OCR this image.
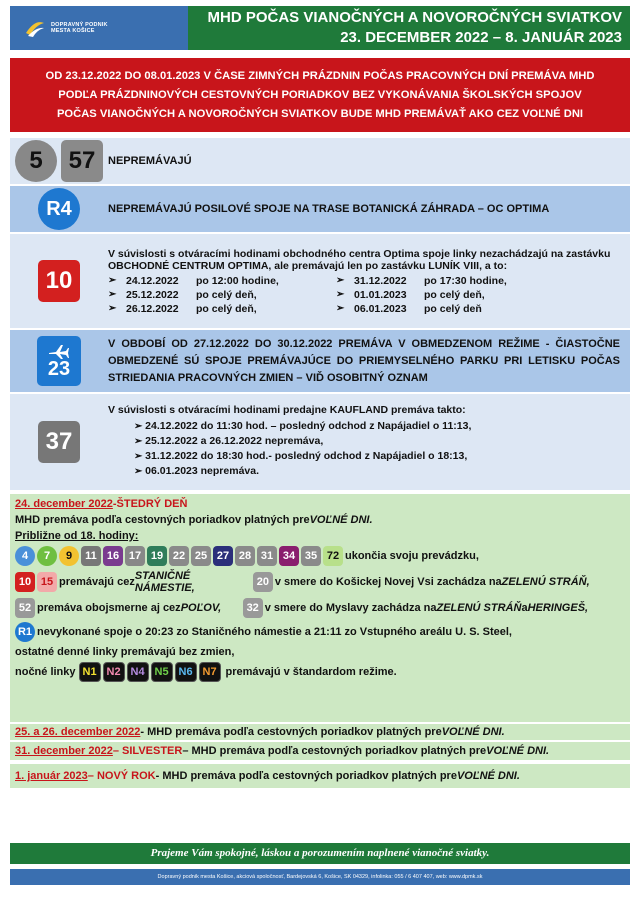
DOPRAVNÝ PODNIK
MESTA KOŠICE
MHD POČAS VIANOČNÝCH A NOVOROČNÝCH SVIATKOV
23. DECEMBER 2022 – 8. JANUÁR 2023
OD 23.12.2022 DO 08.01.2023 V ČASE ZIMNÝCH PRÁZDNIN POČAS PRACOVNÝCH DNÍ PREMÁVA MHD
PODĽA PRÁZDNINOVÝCH CESTOVNÝCH PORIADKOV BEZ VYKONÁVANIA ŠKOLSKÝCH SPOJOV
POČAS VIANOČNÝCH A NOVOROČNÝCH SVIATKOV BUDE MHD PREMÁVAŤ AKO CEZ VOĽNÉ DNI
5	57	NEPREMÁVAJÚ
R4	NEPREMÁVAJÚ POSILOVÉ SPOJE NA TRASE BOTANICKÁ ZÁHRADA – OC OPTIMA
10
V súvislosti s otváracími hodinami obchodného centra Optima spoje linky nezachádzajú na zastávku OBCHODNÉ CENTRUM OPTIMA, ale premávajú len po zastávku LUNÍK VIII, a to:
➢ 24.12.2022	po 12:00 hodine,	➢ 31.12.2022	po 17:30 hodine,
➢ 25.12.2022	po celý deň,	➢ 01.01.2023	po celý deň,
➢ 26.12.2022	po celý deň,	➢ 06.01.2023	po celý deň
23
V OBDOBÍ OD 27.12.2022 DO 30.12.2022 PREMÁVA V OBMEDZENOM REŽIME - ČIASTOČNE OBMEDZENÉ SÚ SPOJE PREMÁVAJÚCE DO PRIEMYSELNÉHO PARKU PRI LETISKU POČAS STRIEDANIA PRACOVNÝCH ZMIEN – VIĎ OSOBITNÝ OZNAM
37
V súvislosti s otváracími hodinami predajne KAUFLAND premáva takto:
➢ 24.12.2022 do 11:30 hod. – posledný odchod z Napájadiel o 11:13,
➢ 25.12.2022 a 26.12.2022 nepremáva,
➢ 31.12.2022 do 18:30 hod.- posledný odchod z Napájadiel o 18:13,
➢ 06.01.2023 nepremáva.
24. december 2022 - ŠTEDRÝ DEŇ
MHD premáva podľa cestovných poriadkov platných pre VOĽNÉ DNI.
Približne od 18. hodiny:
4	7	9	11 16 17 19 22 25 27 28 31 34 35 72 ukončia svoju prevádzku,
10 15 premávajú cez STANIČNÉ NÁMESTIE,	20 v smere do Košickej Novej Vsi zachádza na ZELENÚ STRÁŇ,
52 premáva obojsmerne aj cez POĽOV,	32 v smere do Myslavy zachádza na ZELENÚ STRÁŇ a HERINGEŠ,
R1 nevykonané spoje o 20:23 zo Staničného námestie a 21:11 zo Vstupného areálu U. S. Steel,
ostatné denné linky premávajú bez zmien,
nočné linky N1 N2 N4 N5 N6 N7 premávajú v štandardom režime.
25. a 26. december 2022 - MHD premáva podľa cestovných poriadkov platných pre VOĽNÉ DNI.
31. december 2022 – SILVESTER – MHD premáva podľa cestovných poriadkov platných pre VOĽNÉ DNI.
1. január 2023 – NOVÝ ROK - MHD premáva podľa cestovných poriadkov platných pre VOĽNÉ DNI.
Prajeme Vám spokojné, láskou a porozumením naplnené vianočné sviatky.
Dopravný podnik mesta Košice, akciová spoločnosť, Bardejovská 6, Košice, SK 04329, infolinka: 055 / 6 407 407, web: www.dpmk.sk
